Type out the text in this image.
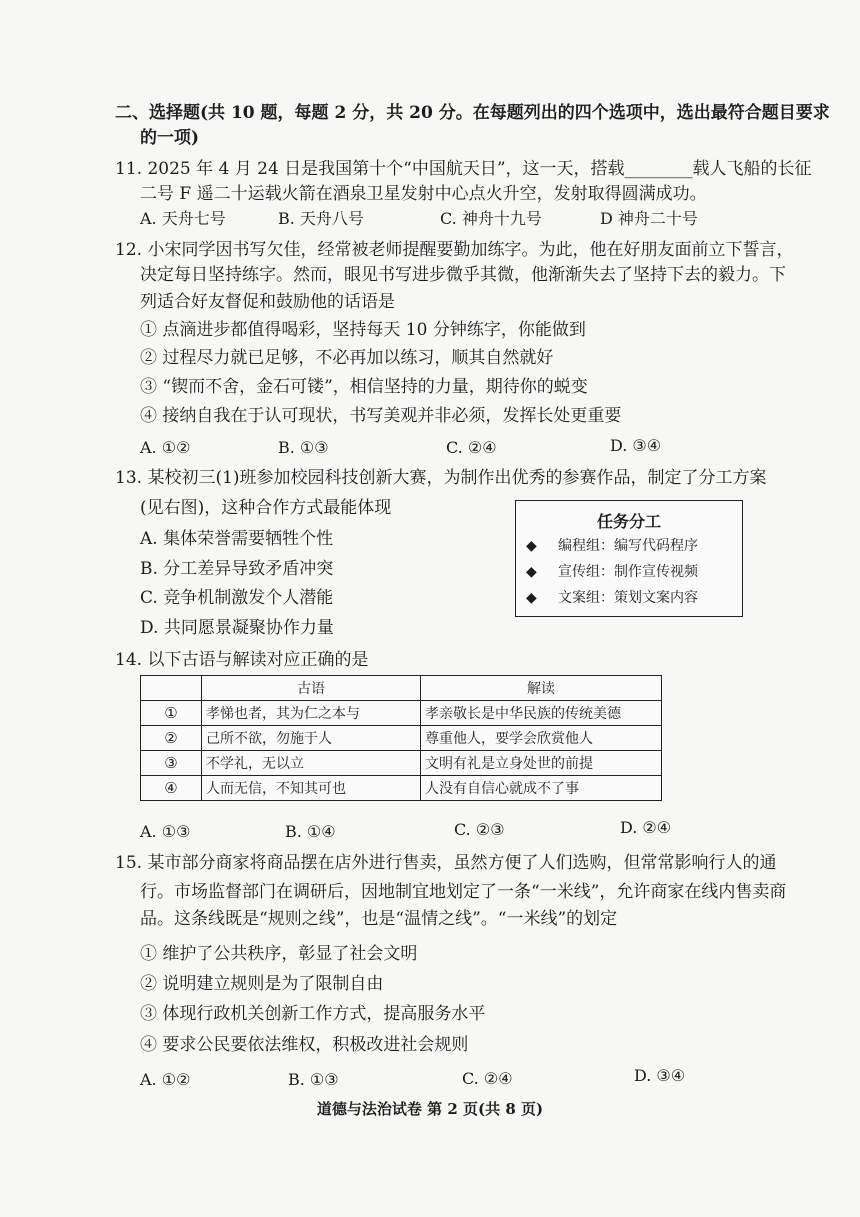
二、选择题(共 10 题，每题 2 分，共 20 分。在每题列出的四个选项中，选出最符合题目要求
的一项)
11. 2025 年 4 月 24 日是我国第十个“中国航天日”，这一天，搭载________载人飞船的长征
二号 F 遥二十运载火箭在酒泉卫星发射中心点火升空，发射取得圆满成功。
A. 天舟七号	B. 天舟八号	C. 神舟十九号	D 神舟二十号
12. 小宋同学因书写欠佳，经常被老师提醒要勤加练字。为此，他在好朋友面前立下誓言，
决定每日坚持练字。然而，眼见书写进步微乎其微，他渐渐失去了坚持下去的毅力。下
列适合好友督促和鼓励他的话语是
① 点滴进步都值得喝彩，坚持每天 10 分钟练字，你能做到
② 过程尽力就已足够，不必再加以练习，顺其自然就好
③ “锲而不舍，金石可镂”，相信坚持的力量，期待你的蜕变
④ 接纳自我在于认可现状，书写美观并非必须，发挥长处更重要
A. ①②	B. ①③	C. ②④	D. ③④
13. 某校初三(1)班参加校园科技创新大赛，为制作出优秀的参赛作品，制定了分工方案
(见右图)，这种合作方式最能体现
A. 集体荣誉需要牺牲个性
B. 分工差异导致矛盾冲突
C. 竞争机制激发个人潜能
D. 共同愿景凝聚协作力量
任务分工
◆ 编程组：编写代码程序
◆ 宣传组：制作宣传视频
◆ 文案组：策划文案内容
14. 以下古语与解读对应正确的是
	古语	解读
①	孝悌也者，其为仁之本与	孝亲敬长是中华民族的传统美德
②	己所不欲，勿施于人	尊重他人，要学会欣赏他人
③	不学礼，无以立	文明有礼是立身处世的前提
④	人而无信，不知其可也	人没有自信心就成不了事
A. ①③	B. ①④	C. ②③	D. ②④
15. 某市部分商家将商品摆在店外进行售卖，虽然方便了人们选购，但常常影响行人的通
行。市场监督部门在调研后，因地制宜地划定了一条“一米线”，允许商家在线内售卖商
品。这条线既是“规则之线”，也是“温情之线”。“一米线”的划定
① 维护了公共秩序，彰显了社会文明
② 说明建立规则是为了限制自由
③ 体现行政机关创新工作方式，提高服务水平
④ 要求公民要依法维权，积极改进社会规则
A. ①②	B. ①③	C. ②④	D. ③④
道德与法治试卷 第 2 页(共 8 页)
